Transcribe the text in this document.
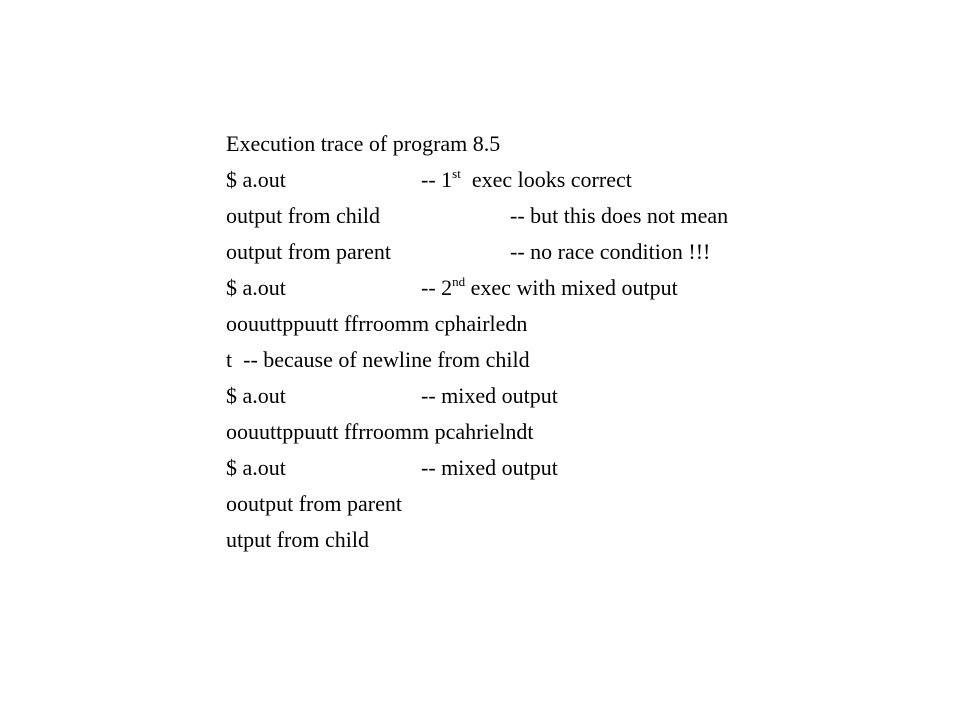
Execution trace of program 8.5
$ a.out	-- 1st  exec looks correct
output from child	-- but this does not mean
output from parent	-- no race condition !!!
$ a.out	-- 2nd exec with mixed output
oouuttppuutt ffrroomm cphairledn
t  -- because of newline from child
$ a.out	-- mixed output
oouuttppuutt ffrroomm pcahrielndt
$ a.out	-- mixed output
ooutput from parent
utput from child
